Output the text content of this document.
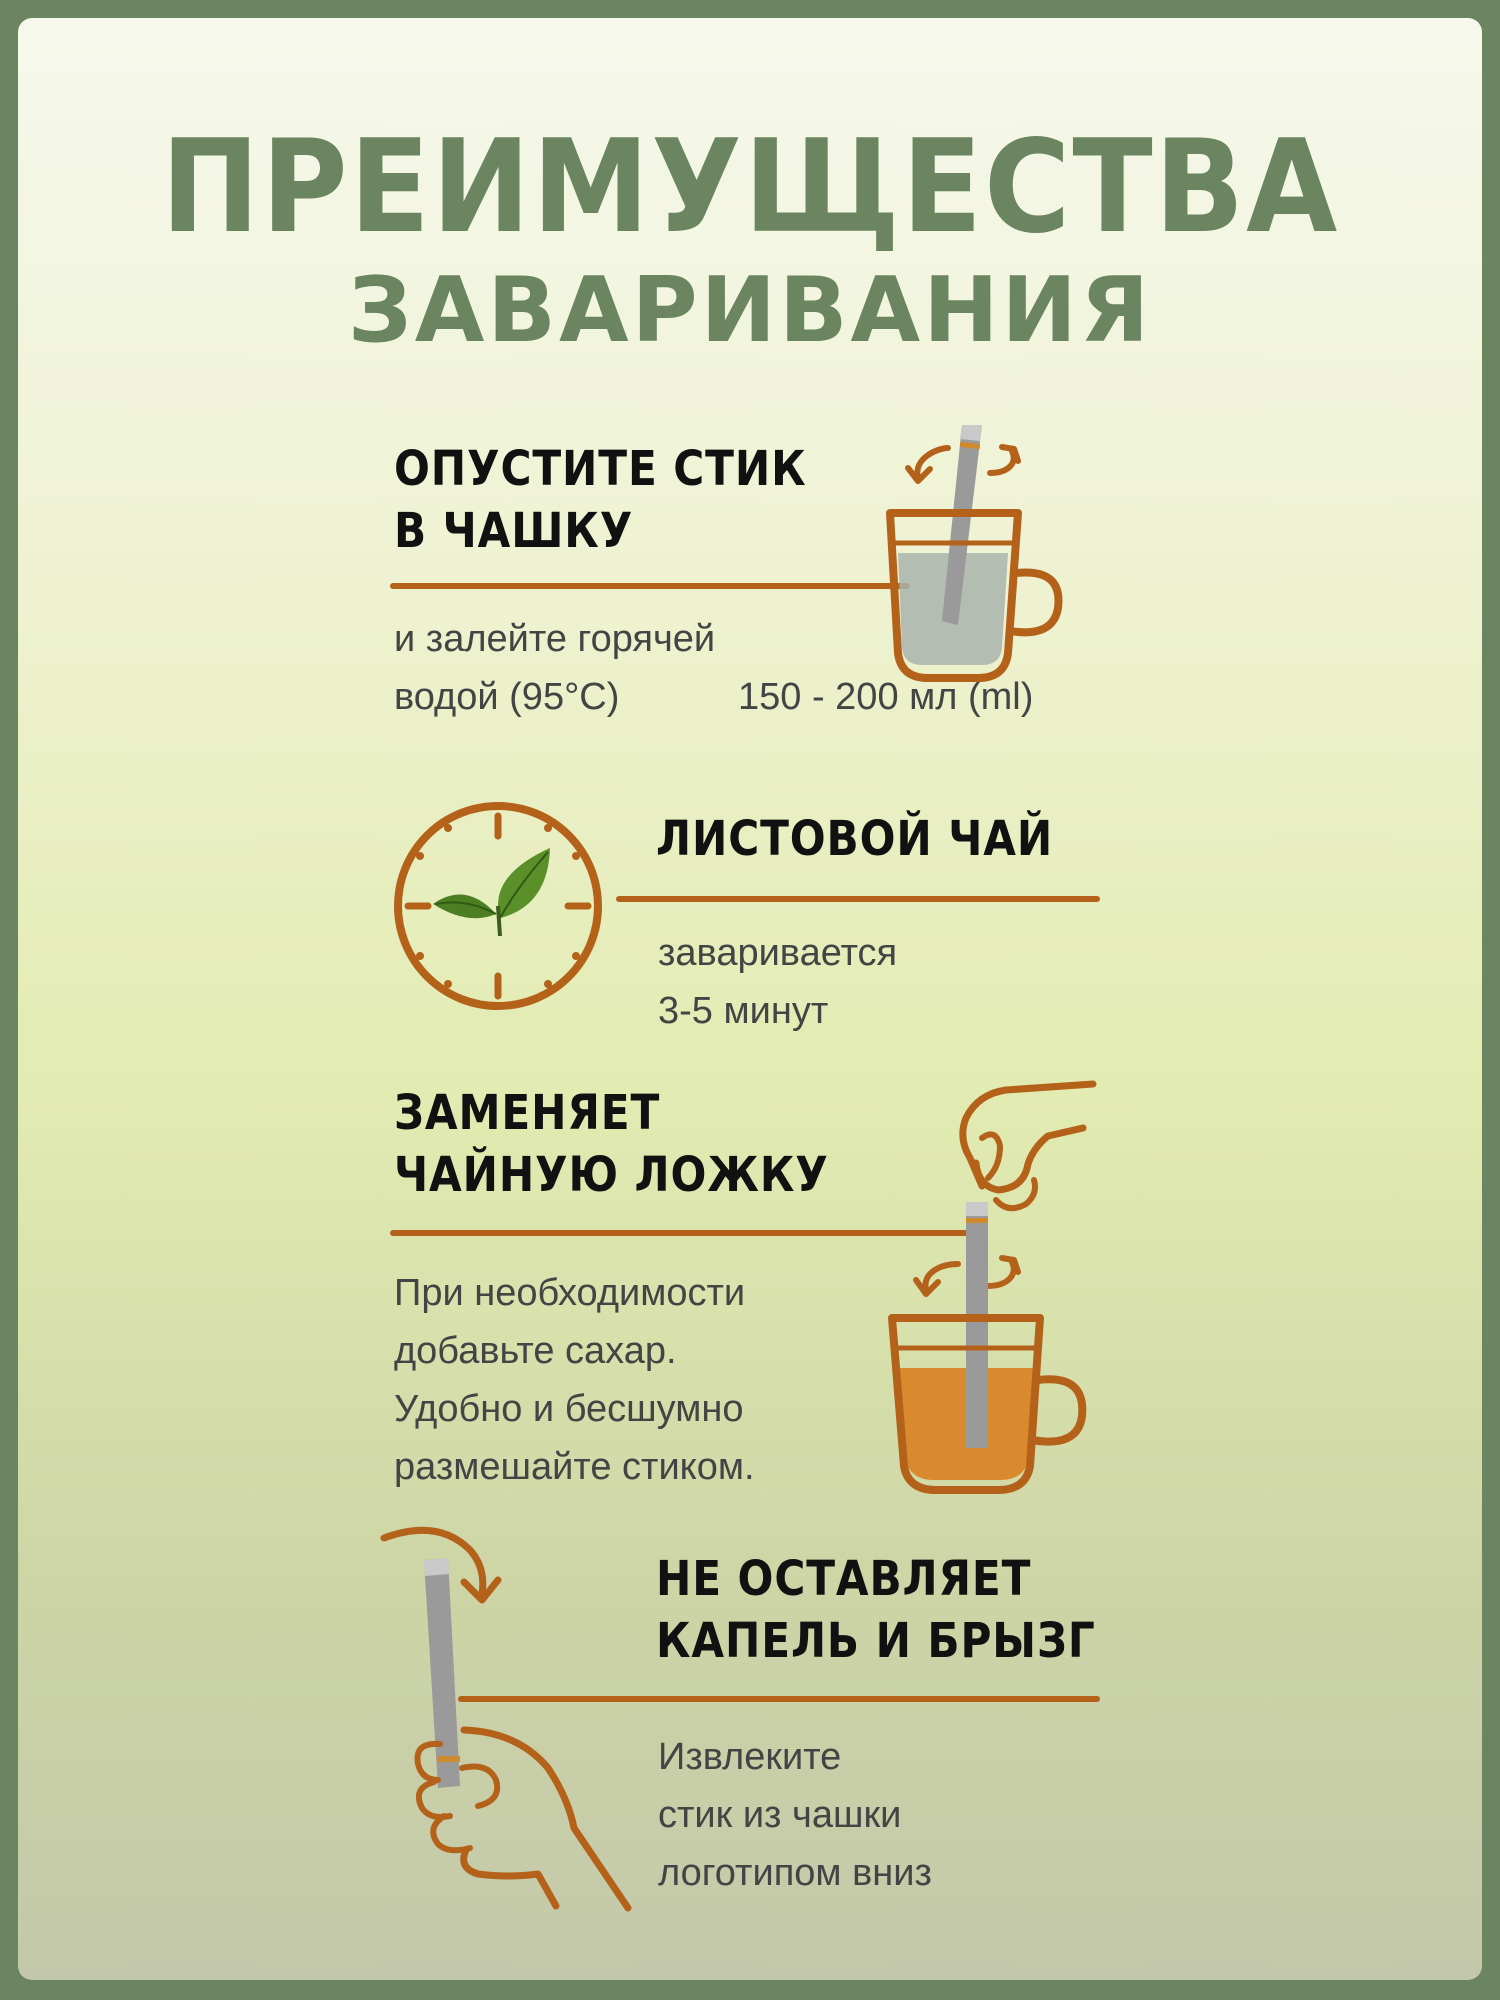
ПРЕИМУЩЕСТВА
ЗАВАРИВАНИЯ
ОПУСТИТЕ СТИК
В ЧАШКУ
и залейте горячей
водой (95°C)	150 - 200 мл (ml)
ЛИСТОВОЙ ЧАЙ
заваривается
3-5 минут
ЗАМЕНЯЕТ
ЧАЙНУЮ ЛОЖКУ
При необходимости
добавьте сахар.
Удобно и бесшумно
размешайте стиком.
НЕ ОСТАВЛЯЕТ
КАПЕЛЬ И БРЫЗГ
Извлеките
стик из чашки
логотипом вниз
